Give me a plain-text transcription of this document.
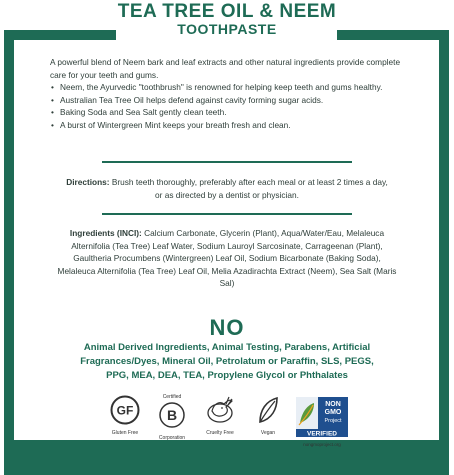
TEA TREE OIL & NEEM
TOOTHPASTE

A powerful blend of Neem bark and leaf extracts and other natural ingredients provide complete care for your teeth and gums.

• Neem, the Ayurvedic "toothbrush" is renowned for helping keep teeth and gums healthy.
• Australian Tea Tree Oil helps defend against cavity forming sugar acids.
• Baking Soda and Sea Salt gently clean teeth.
• A burst of Wintergreen Mint keeps your breath fresh and clean.
Directions: Brush teeth thoroughly, preferably after each meal or at least 2 times a day, or as directed by a dentist or physician.
Ingredients (INCI): Calcium Carbonate, Glycerin (Plant), Aqua/Water/Eau, Melaleuca Alternifolia (Tea Tree) Leaf Water, Sodium Lauroyl Sarcosinate, Carrageenan (Plant), Gaultheria Procumbens (Wintergreen) Leaf Oil, Sodium Bicarbonate (Baking Soda), Melaleuca Alternifolia (Tea Tree) Leaf Oil, Melia Azadirachta Extract (Neem), Sea Salt (Maris Sal)
NO
Animal Derived Ingredients, Animal Testing, Parabens, Artificial Fragrances/Dyes, Mineral Oil, Petrolatum or Paraffin, SLS, PEGS, PPG, MEA, DEA, TEA, Propylene Glycol or Phthalates
GF
Gluten Free
Certified
B
Corporation
Cruelty Free	Vegan
NON
GMO
Project
VERIFIED
nongmoproject.org
